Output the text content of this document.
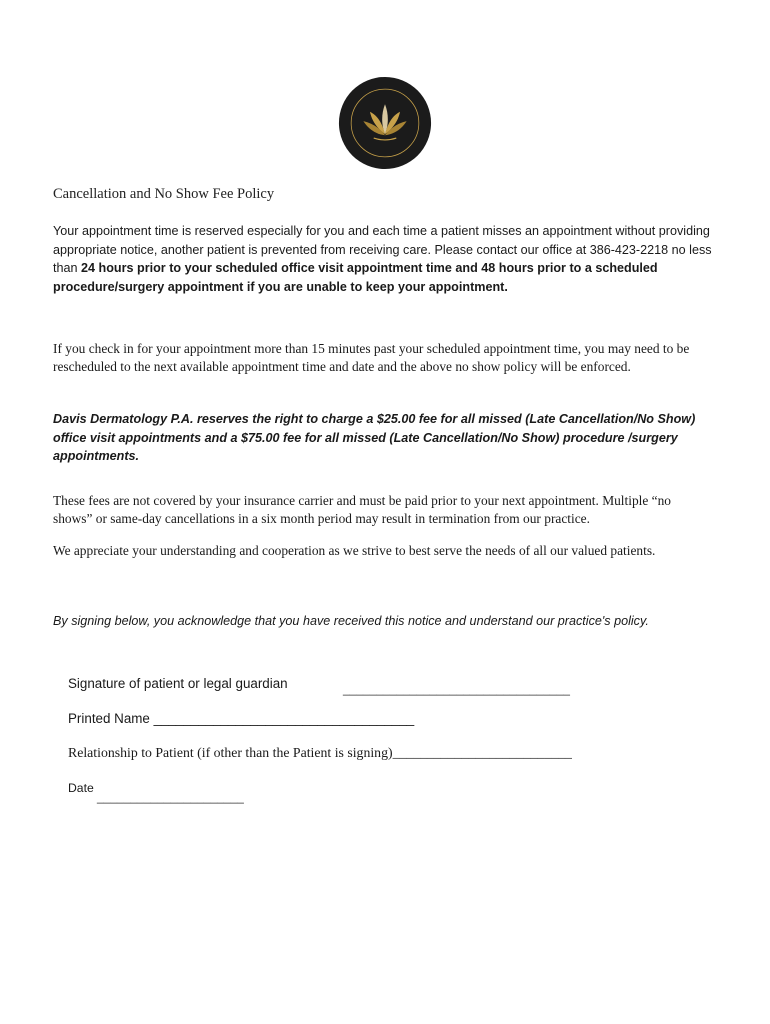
Cancellation and No Show Fee Policy
Your appointment time is reserved especially for you and each time a patient misses an appointment without providing appropriate notice, another patient is prevented from receiving care. Please contact our office at 386-423-2218 no less than 24 hours prior to your scheduled office visit appointment time and 48 hours prior to a scheduled procedure/surgery appointment if you are unable to keep your appointment.
If you check in for your appointment more than 15 minutes past your scheduled appointment time, you may need to be rescheduled to the next available appointment time and date and the above no show policy will be enforced.
Davis Dermatology P.A. reserves the right to charge a $25.00 fee for all missed (Late Cancellation/No Show) office visit appointments and a $75.00 fee for all missed (Late Cancellation/No Show) procedure /surgery appointments.
These fees are not covered by your insurance carrier and must be paid prior to your next appointment. Multiple “no shows” or same-day cancellations in a six month period may result in termination from our practice.
We appreciate your understanding and cooperation as we strive to best serve the needs of all our valued patients.
By signing below, you acknowledge that you have received this notice and understand our practice's policy.
Signature of patient or legal guardian	__________________________________
Printed Name ___________________________________
Relationship to Patient (if other than the Patient is signing)__________________________
Date
______________________
